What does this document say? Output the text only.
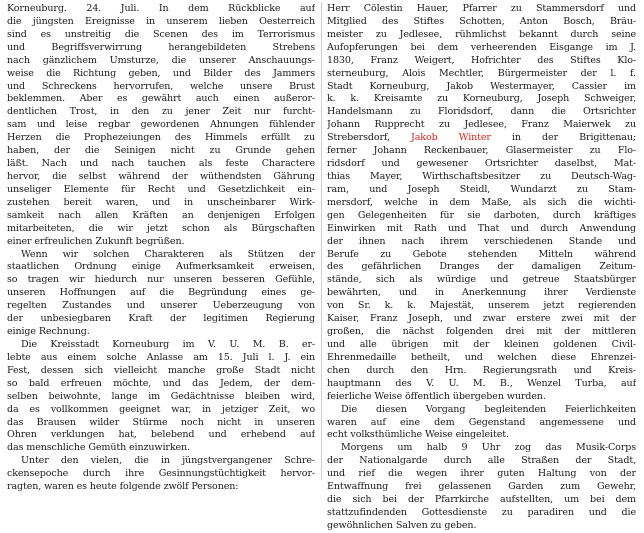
Korneuburg. 24. Juli. In dem Rückblicke auf
die jüngsten Ereignisse in unserem lieben Oesterreich
sind es unstreitig die Scenen des im Terrorismus
und Begriffsverwirrung herangebildeten Strebens
nach gänzlichem Umsturze, die unserer Anschauungs-
weise die Richtung geben, und Bilder des Jammers
und Schreckens hervorrufen, welche unsere Brust
beklemmen. Aber es gewährt auch einen außeror-
dentlichen Trost, in den zu jener Zeit nur furcht-
sam und leise regbar gewordenen Ahnungen fühlender
Herzen die Prophezeiungen des Himmels erfüllt zu
haben, der die Seinigen nicht zu Grunde gehen
läßt. Nach und nach tauchen als feste Charactere
hervor, die selbst während der wüthendsten Gährung
unseliger Elemente für Recht und Gesetzlichkeit ein-
zustehen bereit waren, und in unscheinbarer Wirk-
samkeit nach allen Kräften an denjenigen Erfolgen
mitarbeiteten, die wir jetzt schon als Bürgschaften
einer erfreulichen Zukunft begrüßen.
Wenn wir solchen Charakteren als Stützen der
staatlichen Ordnung einige Aufmerksamkeit erweisen,
so tragen wir hiedurch nur unseren besseren Gefühle,
unseren Hoffnungen auf die Begründung eines ge-
regelten Zustandes und unserer Ueberzeugung von
der unbesiegbaren Kraft der legitimen Regierung
einige Rechnung.
Die Kreisstadt Korneuburg im V. U. M. B. er-
lebte aus einem solche Anlasse am 15. Juli l. J. ein
Fest, dessen sich vielleicht manche große Stadt nicht
so bald erfreuen möchte, und das Jedem, der dem-
selben beiwohnte, lange im Gedächtnisse bleiben wird,
da es vollkommen geeignet war, in jetziger Zeit, wo
das Brausen wilder Stürme noch nicht in unseren
Ohren verklungen hat, belebend und erhebend auf
das menschliche Gemüth einzuwirken.
Unter den vielen, die in jüngstvergangener Schre-
ckensepoche durch ihre Gesinnungstüchtigkeit hervor-
ragten, waren es heute folgende zwölf Personen:
Herr Cölestin Hauer, Pfarrer zu Stammersdorf und
Mitglied des Stiftes Schotten, Anton Bosch, Bräu-
meister zu Jedlesee, rühmlichst bekannt durch seine
Aufopferungen bei dem verheerenden Eisgange im J.
1830, Franz Weigert, Hofrichter des Stiftes Klo-
sterneuburg, Alois Mechtler, Bürgermeister der l. f.
Stadt Korneuburg, Jakob Westermayer, Cassier im
k. k. Kreisamte zu Korneuburg, Joseph Schweiger,
Handelsmann zu Floridsdorf, dann die Ortsrichter
Johann Rupprecht zu Jedlesee, Franz Maierwek zu
Strebersdorf, Jakob Winter in der Brigittenau;
ferner Johann Reckenbauer, Glasermeister zu Flo-
ridsdorf und gewesener Ortsrichter daselbst, Mat-
thias Mayer, Wirthschaftsbesitzer zu Deutsch-Wag-
ram, und Joseph Steidl, Wundarzt zu Stam-
mersdorf, welche in dem Maße, als sich die wichti-
gen Gelegenheiten für sie darboten, durch kräftiges
Einwirken mit Rath und That und durch Anwendung
der ihnen nach ihrem verschiedenen Stande und
Berufe zu Gebote stehenden Mitteln während
des gefährlichen Dranges der damaligen Zeitum-
stände, sich als würdige und getreue Staatsbürger
bewährten, und in Anerkennung ihrer Verdienste
von Sr. k. k. Majestät, unserem jetzt regierenden
Kaiser, Franz Joseph, und zwar erstere zwei mit der
großen, die nächst folgenden drei mit der mittleren
und alle übrigen mit der kleinen goldenen Civil-
Ehrenmedaille betheilt, und welchen diese Ehrenzei-
chen durch den Hrn. Regierungsrath und Kreis-
hauptmann des V. U. M. B., Wenzel Turba, auf
feierliche Weise öffentlich übergeben wurden.
Die diesen Vorgang begleitenden Feierlichkeiten
waren auf eine dem Gegenstand angemessene und
echt volksthümliche Weise eingeleitet.
Morgens um halb 9 Uhr zog das Musik-Corps
der Nationalgarde durch alle Straßen der Stadt,
und rief die wegen ihrer guten Haltung von der
Entwaffnung frei gelassenen Garden zum Gewehr,
die sich bei der Pfarrkirche aufstellten, um bei dem
stattzufindenden Gottesdienste zu paradiren und die
gewöhnlichen Salven zu geben.
